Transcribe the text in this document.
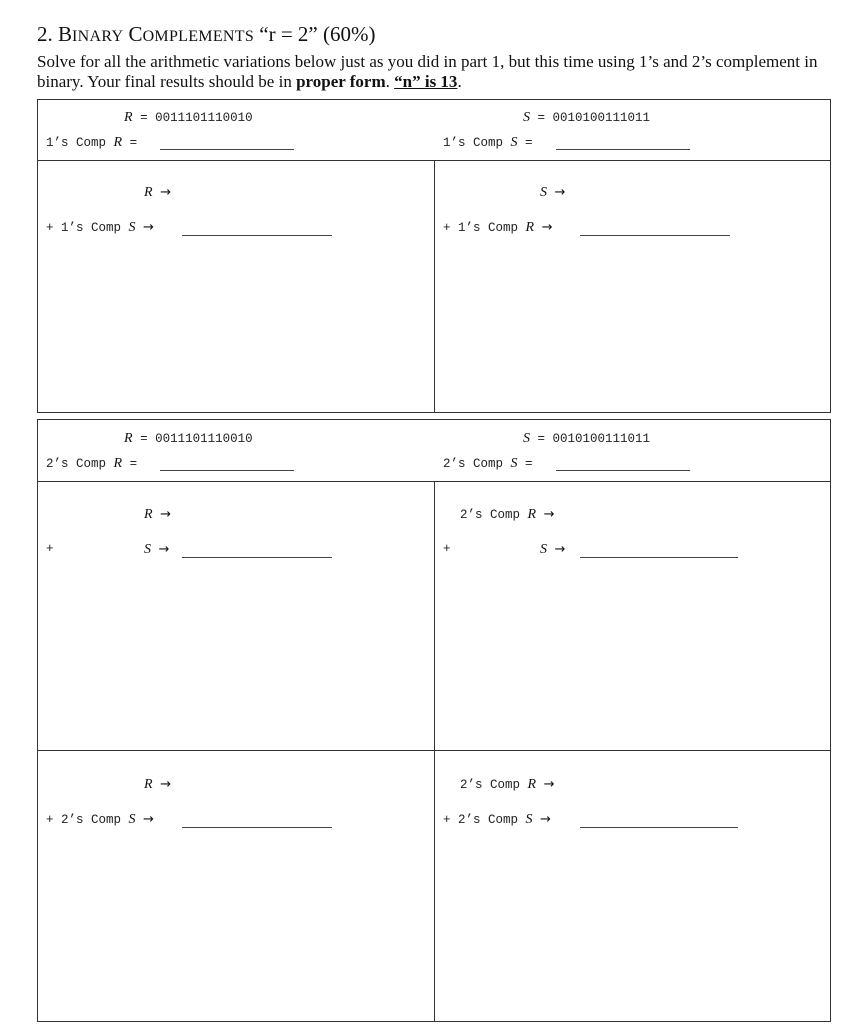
2. BINARY COMPLEMENTS “r = 2” (60%)
Solve for all the arithmetic variations below just as you did in part 1, but this time using 1’s and 2’s complement in binary. Your final results should be in proper form. “n” is 13.
R = 0011101110010
1’s Comp R =
S = 0010100111011
1’s Comp S =
R →
+ 1’s Comp S →
S →
+ 1’s Comp R →
R = 0011101110010
2’s Comp R =
S = 0010100111011
2’s Comp S =
R →
+	S →
2’s Comp R →
+	S →
R →
+ 2’s Comp S →
2’s Comp R →
+ 2’s Comp S →
